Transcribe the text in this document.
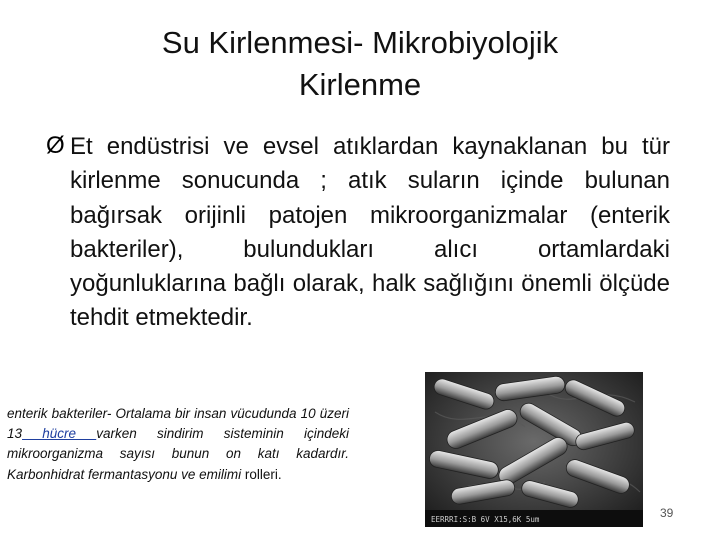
Su Kirlenmesi- Mikrobiyolojik
Kirlenme
Ø Et endüstrisi ve evsel atıklardan kaynaklanan bu tür kirlenme sonucunda ; atık suların içinde bulunan bağırsak orijinli patojen mikroorganizmalar (enterik bakteriler), bulundukları alıcı ortamlardaki yoğunluklarına bağlı olarak, halk sağlığını önemli ölçüde tehdit etmektedir.
enterik bakteriler- Ortalama bir insan vücudunda 10 üzeri 13 hücre varken sindirim sisteminin içindeki mikroorganizma sayısı bunun on katı kadardır. Karbonhidrat fermantasyonu ve emilimi rolleri.
EERRRI:S:B 6V X15,6K 5um	39
